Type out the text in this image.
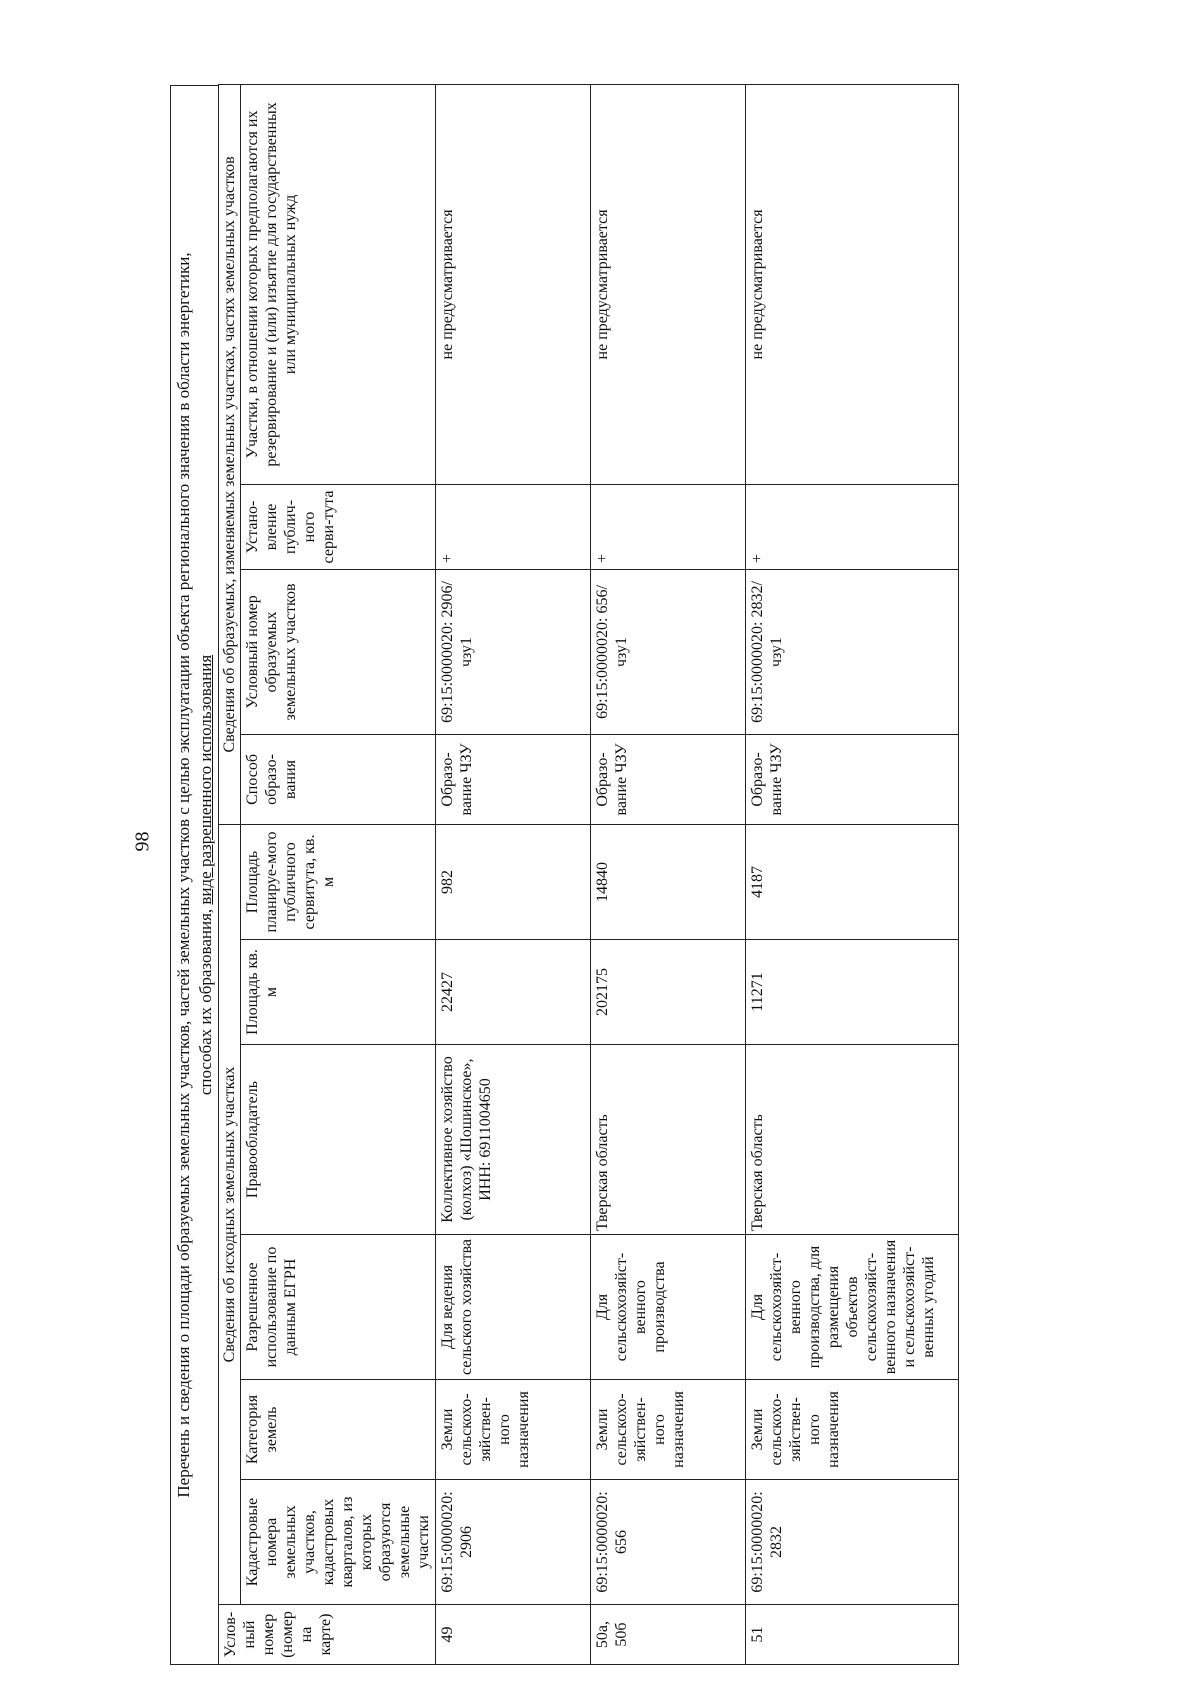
98 Перечень и сведения о площади образуемых земельных участков, частей земельных участков с целью эксплуатации объекта регионального значения в области энергетики, способах их образования, виде разрешенного использования
Услов-ный номер (номер на карте)	Сведения об исходных земельных участках						Сведения об образуемых, изменяемых земельных участках, частях земельных участков			
	Кадастровые номера земельных участков, кадастровых кварталов, из которых образуются земельные участки	Категория земель	Разрешенное использование по данным ЕГРН	Правообладатель	Площадь кв. м	Площадь планируе-мого публичного сервитута, кв. м	Способ образо-вания	Условный номер образуемых земельных участков	Устано-вление публич-ного серви-тута	Участки, в отношении которых предполагаются их резервирование и (или) изъятие для государственных или муниципальных нужд
49	69:15:0000020: 2906	Земли сельскохо-зяйствен-ного назначения	Для ведения сельского хозяйства	Коллективное хозяйство (колхоз) «Шошинское», ИНН: 6911004650	22427	982	Образо-вание ЧЗУ	69:15:0000020: 2906/чзу1	+	не предусматривается
50а, 50б	69:15:0000020: 656	Земли сельскохо-зяйствен-ного назначения	Для сельскохозяйст-венного производства	Тверская область	202175	14840	Образо-вание ЧЗУ	69:15:0000020: 656/чзу1	+	не предусматривается
51	69:15:0000020: 2832	Земли сельскохо-зяйствен-ного назначения	Для сельскохозяйст-венного производства, для размещения объектов сельскохозяйст-венного назначения и сельскохозяйст-венных угодий	Тверская область	11271	4187	Образо-вание ЧЗУ	69:15:0000020: 2832/чзу1	+	не предусматривается
